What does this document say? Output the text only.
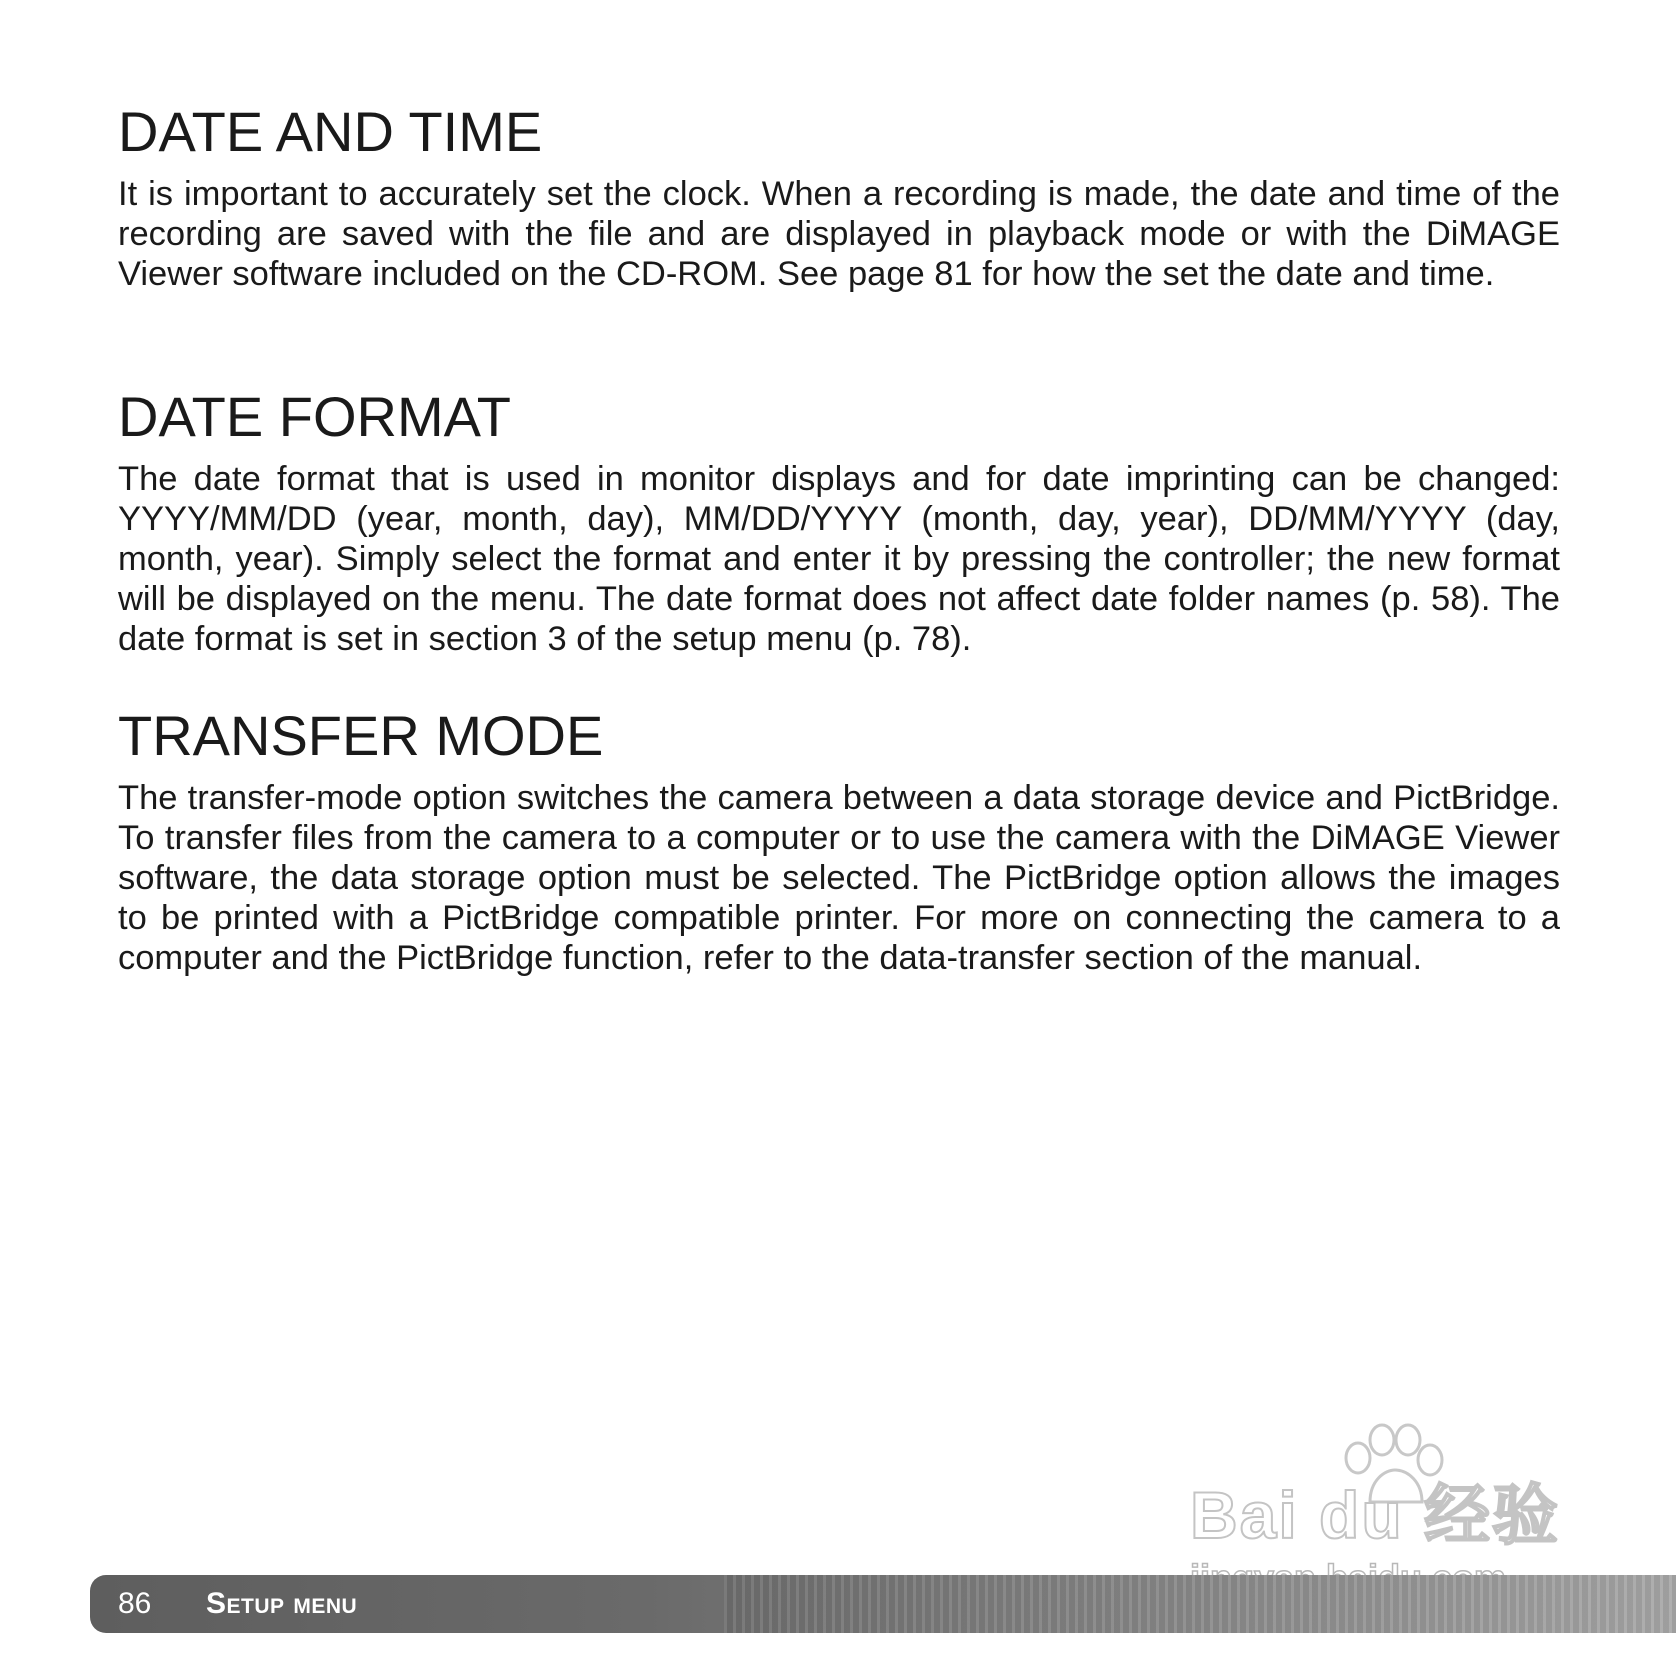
DATE AND TIME

It is important to accurately set the clock. When a recording is made, the date and time of the recording are saved with the file and are displayed in playback mode or with the DiMAGE Viewer software included on the CD-ROM. See page 81 for how the set the date and time.

DATE FORMAT

The date format that is used in monitor displays and for date imprinting can be changed: YYYY/MM/DD (year, month, day), MM/DD/YYYY (month, day, year), DD/MM/YYYY (day, month, year). Simply select the format and enter it by pressing the controller; the new format will be displayed on the menu. The date format does not affect date folder names (p. 58). The date format is set in section 3 of the setup menu (p. 78).

TRANSFER MODE

The transfer-mode option switches the camera between a data storage device and PictBridge. To transfer files from the camera to a computer or to use the camera with the DiMAGE Viewer software, the data storage option must be selected. The PictBridge option allows the images to be printed with a PictBridge compatible printer. For more on connecting the camera to a computer and the PictBridge function, refer to the data-transfer section of the manual.

Bai du 经验
86 Setup menu
